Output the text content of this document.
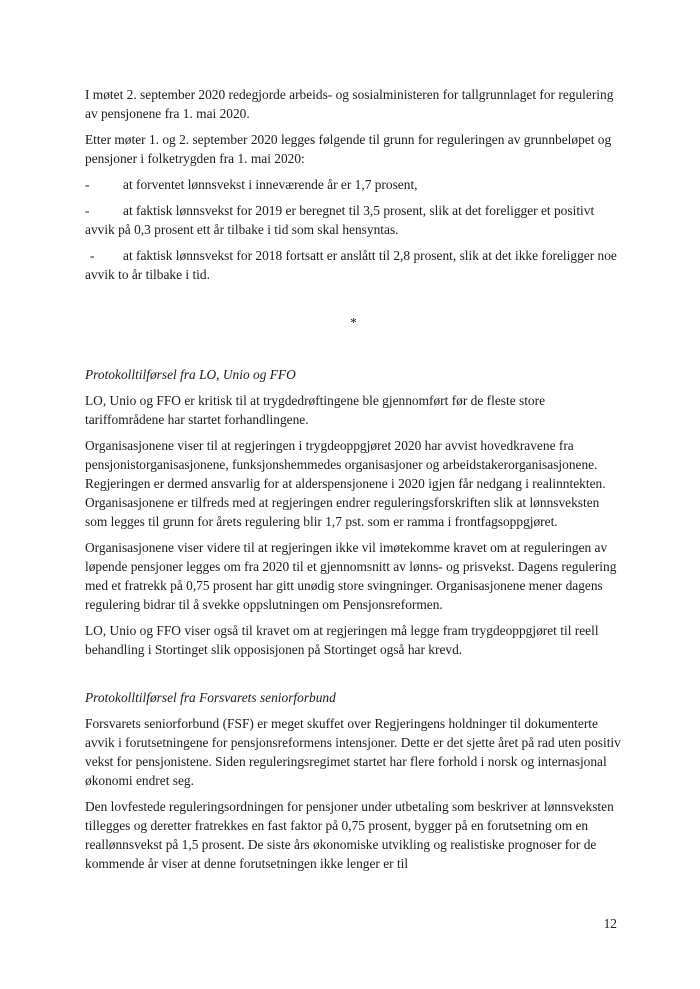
I møtet 2. september 2020 redegjorde arbeids- og sosialministeren for tallgrunnlaget for regulering av pensjonene fra 1. mai 2020.

Etter møter 1. og 2. september 2020 legges følgende til grunn for reguleringen av grunnbeløpet og pensjoner i folketrygden fra 1. mai 2020:

-	at forventet lønnsvekst i inneværende år er 1,7 prosent,

-	at faktisk lønnsvekst for 2019 er beregnet til 3,5 prosent, slik at det foreligger et positivt avvik på 0,3 prosent ett år tilbake i tid som skal hensyntas.

- at faktisk lønnsvekst for 2018 fortsatt er anslått til 2,8 prosent, slik at det ikke foreligger noe avvik to år tilbake i tid.

*

Protokolltilførsel fra LO, Unio og FFO

LO, Unio og FFO er kritisk til at trygdedrøftingene ble gjennomført før de fleste store tariffområdene har startet forhandlingene.

Organisasjonene viser til at regjeringen i trygdeoppgjøret 2020 har avvist hovedkravene fra pensjonistorganisasjonene, funksjonshemmedes organisasjoner og arbeidstakerorganisasjonene. Regjeringen er dermed ansvarlig for at alderspensjonene i 2020 igjen får nedgang i realinntekten. Organisasjonene er tilfreds med at regjeringen endrer reguleringsforskriften slik at lønnsveksten som legges til grunn for årets regulering blir 1,7 pst. som er ramma i frontfagsoppgjøret.

Organisasjonene viser videre til at regjeringen ikke vil imøtekomme kravet om at reguleringen av løpende pensjoner legges om fra 2020 til et gjennomsnitt av lønns- og prisvekst. Dagens regulering med et fratrekk på 0,75 prosent har gitt unødig store svingninger. Organisasjonene mener dagens regulering bidrar til å svekke oppslutningen om Pensjonsreformen.

LO, Unio og FFO viser også til kravet om at regjeringen må legge fram trygdeoppgjøret til reell behandling i Stortinget slik opposisjonen på Stortinget også har krevd.

Protokolltilførsel fra Forsvarets seniorforbund

Forsvarets seniorforbund (FSF) er meget skuffet over Regjeringens holdninger til dokumenterte avvik i forutsetningene for pensjonsreformens intensjoner. Dette er det sjette året på rad uten positiv vekst for pensjonistene. Siden reguleringsregimet startet har flere forhold i norsk og internasjonal økonomi endret seg.

Den lovfestede reguleringsordningen for pensjoner under utbetaling som beskriver at lønnsveksten tillegges og deretter fratrekkes en fast faktor på 0,75 prosent, bygger på en forutsetning om en reallønnsvekst på 1,5 prosent. De siste års økonomiske utvikling og realistiske prognoser for de kommende år viser at denne forutsetningen ikke lenger er til

12
